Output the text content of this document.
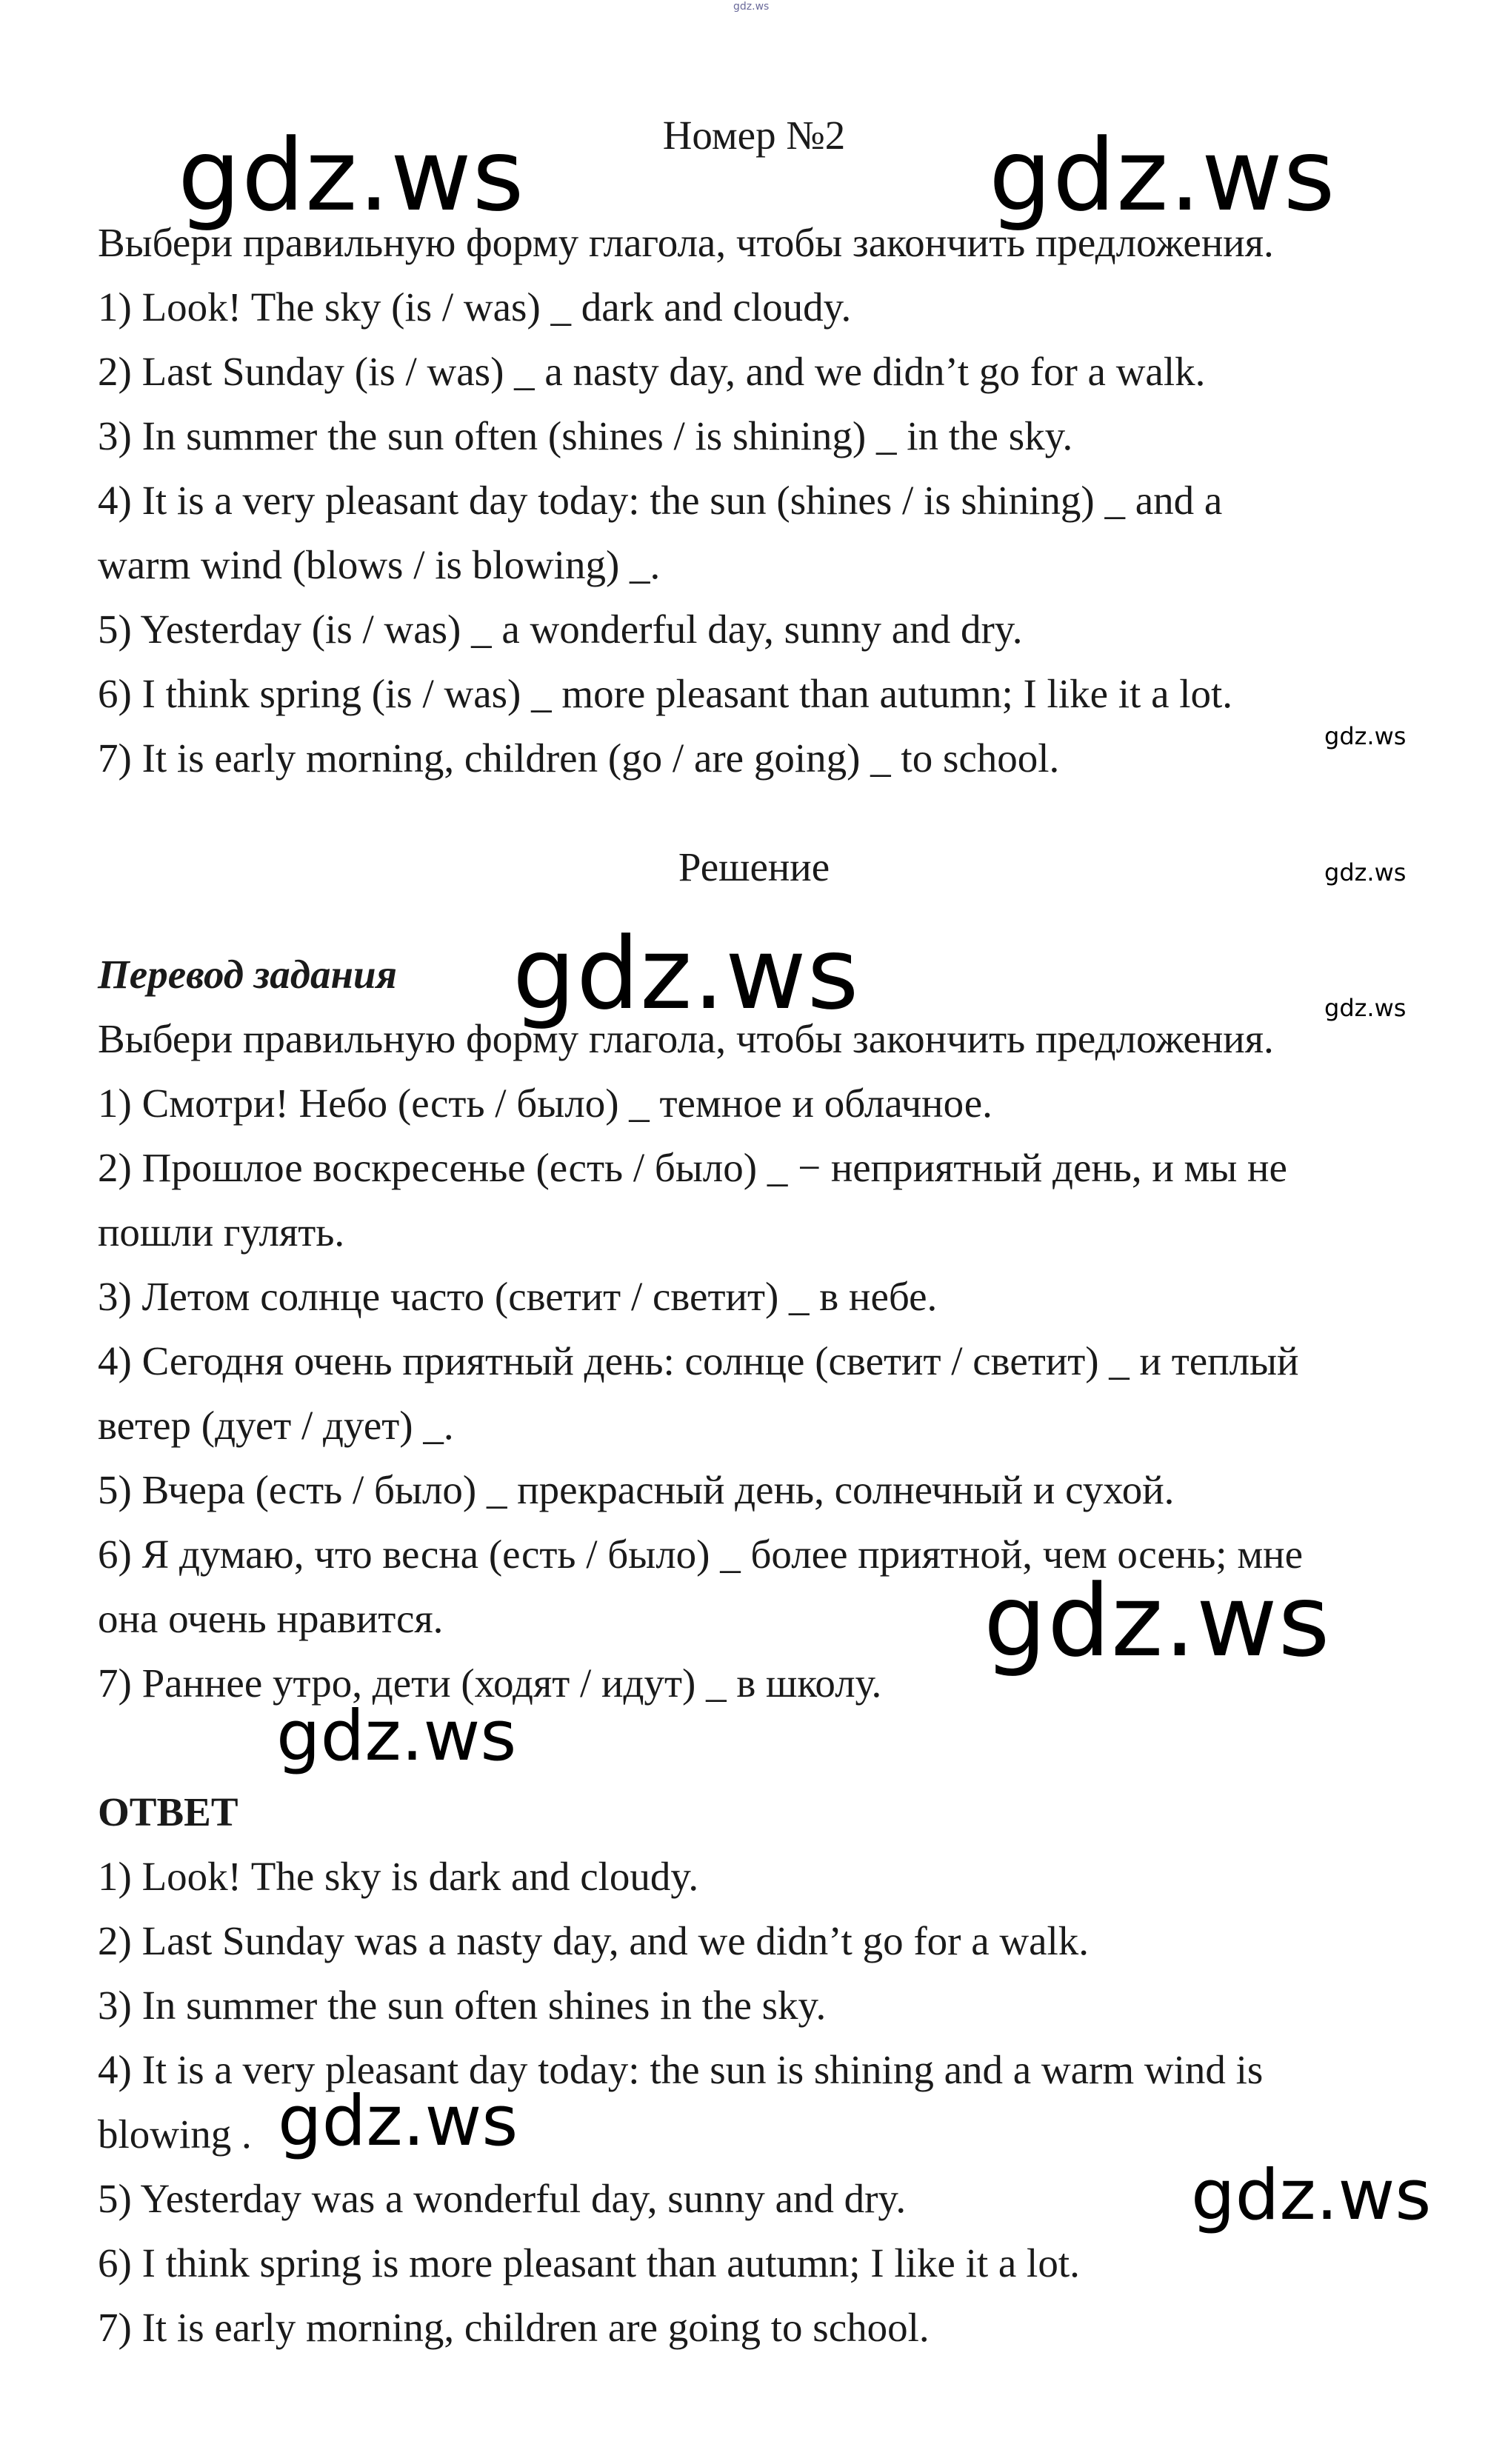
gdz.ws
Номер №2
gdz.ws	gdz.ws
Выбери правильную форму глагола, чтобы закончить предложения.
1) Look! The sky (is / was) _ dark and cloudy.
2) Last Sunday (is / was) _ a nasty day, and we didn’t go for a walk.
3) In summer the sun often (shines / is shining) _ in the sky.
4) It is a very pleasant day today: the sun (shines / is shining) _ and a
warm wind (blows / is blowing) _.
5) Yesterday (is / was) _ a wonderful day, sunny and dry.
6) I think spring (is / was) _ more pleasant than autumn; I like it a lot.
7) It is early morning, children (go / are going) _ to school.	gdz.ws
gdz.ws
gdz.ws
Решение
Перевод задания gdz.ws
Выбери правильную форму глагола, чтобы закончить предложения.
1) Смотри! Небо (есть / было) _ темное и облачное.
2) Прошлое воскресенье (есть / было) _ − неприятный день, и мы не
пошли гулять.
3) Летом солнце часто (светит / светит) _ в небе.
4) Сегодня очень приятный день: солнце (светит / светит) _ и теплый
ветер (дует / дует) _.
5) Вчера (есть / было) _ прекрасный день, солнечный и сухой.
6) Я думаю, что весна (есть / было) _ более приятной, чем осень; мне
она очень нравится.
7) Раннее утро, дети (ходят / идут) _ в школу.
gdz.ws
gdz.ws
ОТВЕТ
1) Look! The sky is dark and cloudy.
2) Last Sunday was a nasty day, and we didn’t go for a walk.
3) In summer the sun often shines in the sky.
4) It is a very pleasant day today: the sun is shining and a warm wind is
blowing .
5) Yesterday was a wonderful day, sunny and dry.
6) I think spring is more pleasant than autumn; I like it a lot.
7) It is early morning, children are going to school.
gdz.ws
gdz.ws
